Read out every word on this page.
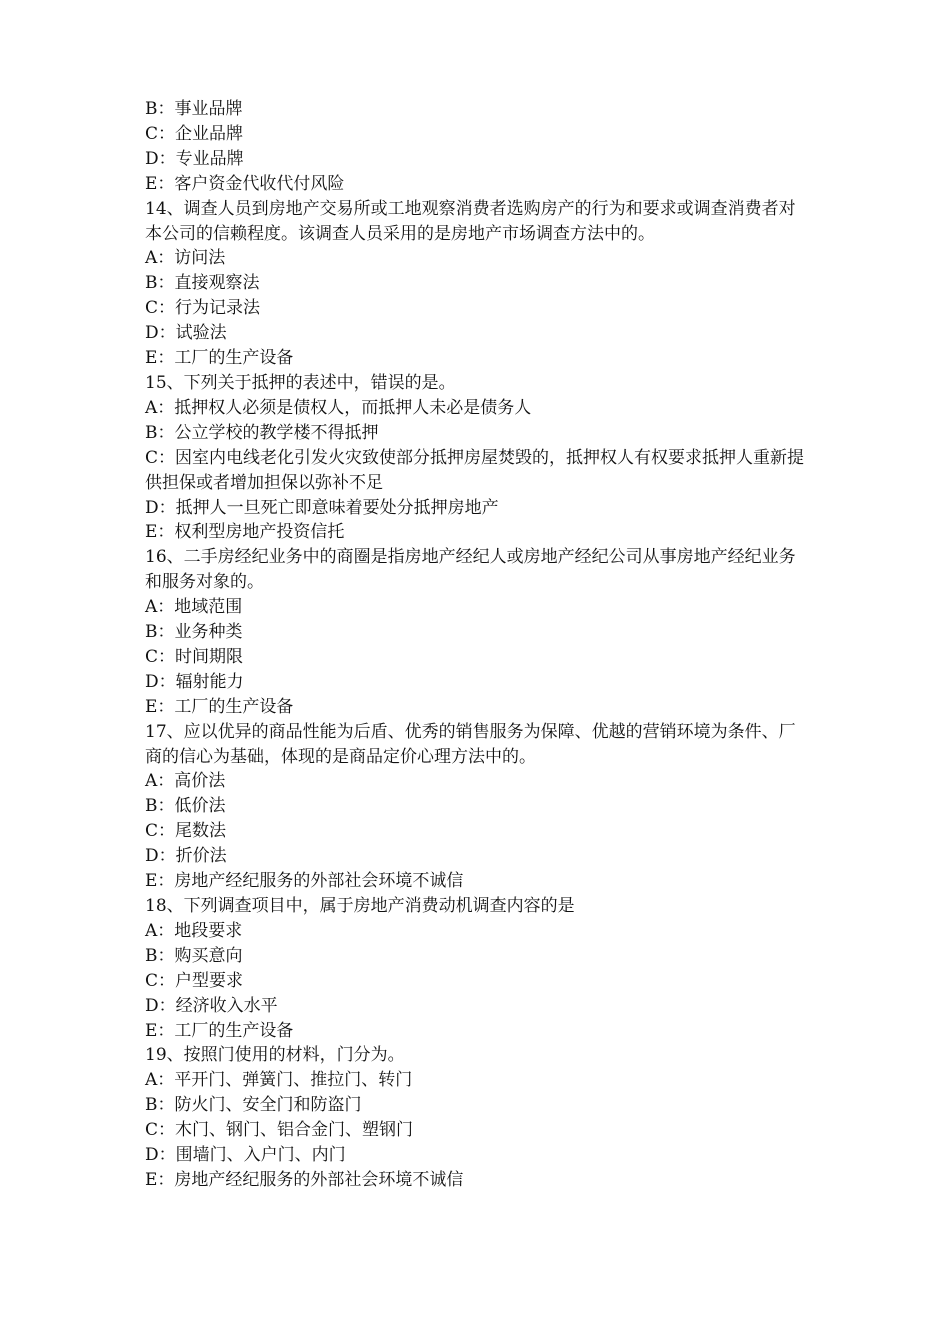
B：事业品牌
C：企业品牌
D：专业品牌
E：客户资金代收代付风险
14、调查人员到房地产交易所或工地观察消费者选购房产的行为和要求或调查消费者对本公司的信赖程度。该调查人员采用的是房地产市场调查方法中的。
A：访问法
B：直接观察法
C：行为记录法
D：试验法
E：工厂的生产设备
15、下列关于抵押的表述中，错误的是。
A：抵押权人必须是债权人，而抵押人未必是债务人
B：公立学校的教学楼不得抵押
C：因室内电线老化引发火灾致使部分抵押房屋焚毁的，抵押权人有权要求抵押人重新提供担保或者增加担保以弥补不足
D：抵押人一旦死亡即意味着要处分抵押房地产
E：权利型房地产投资信托
16、二手房经纪业务中的商圈是指房地产经纪人或房地产经纪公司从事房地产经纪业务和服务对象的。
A：地域范围
B：业务种类
C：时间期限
D：辐射能力
E：工厂的生产设备
17、应以优异的商品性能为后盾、优秀的销售服务为保障、优越的营销环境为条件、厂商的信心为基础，体现的是商品定价心理方法中的。
A：高价法
B：低价法
C：尾数法
D：折价法
E：房地产经纪服务的外部社会环境不诚信
18、下列调查项目中，属于房地产消费动机调查内容的是
A：地段要求
B：购买意向
C：户型要求
D：经济收入水平
E：工厂的生产设备
19、按照门使用的材料，门分为。
A：平开门、弹簧门、推拉门、转门
B：防火门、安全门和防盗门
C：木门、钢门、铝合金门、塑钢门
D：围墙门、入户门、内门
E：房地产经纪服务的外部社会环境不诚信
